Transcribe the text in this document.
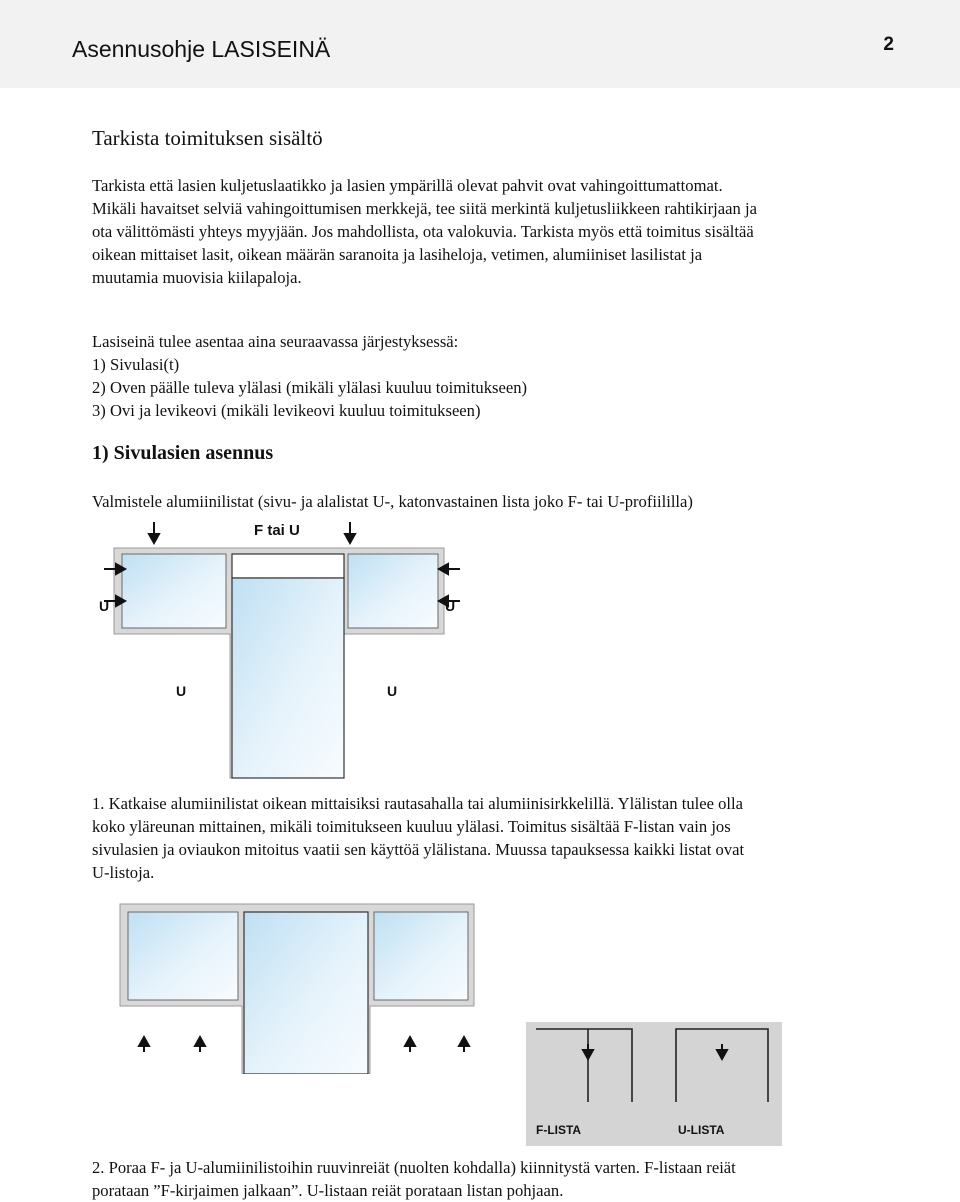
Asennusohje LASISEINÄ	2
Tarkista toimituksen sisältö

Tarkista että lasien kuljetuslaatikko ja lasien ympärillä olevat pahvit ovat vahingoittumattomat.
Mikäli havaitset selviä vahingoittumisen merkkejä, tee siitä merkintä kuljetusliikkeen rahtikirjaan ja
ota välittömästi yhteys myyjään. Jos mahdollista, ota valokuvia. Tarkista myös että toimitus sisältää
oikean mittaiset lasit, oikean määrän saranoita ja lasiheloja, vetimen, alumiiniset lasilistat ja
muutamia muovisia kiilapaloja.

Lasiseinä tulee asentaa aina seuraavassa järjestyksessä:
1) Sivulasi(t)
2) Oven päälle tuleva ylälasi (mikäli ylälasi kuuluu toimitukseen)
3) Ovi ja levikeovi (mikäli levikeovi kuuluu toimitukseen)

1) Sivulasien asennus

Valmistele alumiinilistat (sivu- ja alalistat U-, katonvastainen lista joko F- tai U-profiililla)

F tai U
U	U
U	U

1. Katkaise alumiinilistat oikean mittaisiksi rautasahalla tai alumiinisirkkelillä. Ylälistan tulee olla
koko yläreunan mittainen, mikäli toimitukseen kuuluu ylälasi. Toimitus sisältää F-listan vain jos
sivulasien ja oviaukon mitoitus vaatii sen käyttöä ylälistana. Muussa tapauksessa kaikki listat ovat
U-listoja.

F-LISTA	U-LISTA

2. Poraa F- ja U-alumiinilistoihin ruuvinreiät (nuolten kohdalla) kiinnitystä varten. F-listaan reiät
porataan ”F-kirjaimen jalkaan”. U-listaan reiät porataan listan pohjaan.
